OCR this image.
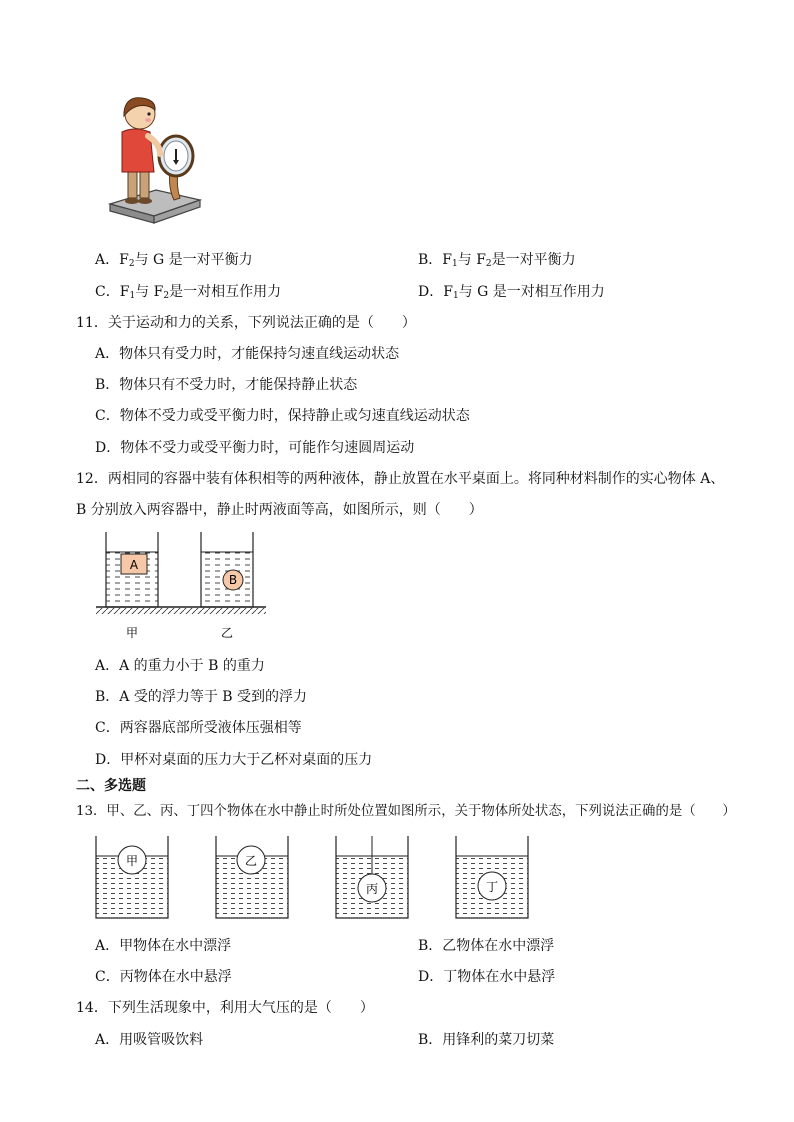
A．$F_2$与 G 是一对平衡力	B．$F_1$与 $F_2$是一对平衡力
C．$F_1$与 $F_2$是一对相互作用力	D．$F_1$与 G 是一对相互作用力
11．关于运动和力的关系，下列说法正确的是（　　）
A．物体只有受力时，才能保持匀速直线运动状态
B．物体只有不受力时，才能保持静止状态
C．物体不受力或受平衡力时，保持静止或匀速直线运动状态
D．物体不受力或受平衡力时，可能作匀速圆周运动
12．两相同的容器中装有体积相等的两种液体，静止放置在水平桌面上。将同种材料制作的实心物体 A、
B 分别放入两容器中，静止时两液面等高，如图所示，则（　　）
A
B
甲	乙
A．A 的重力小于 B 的重力
B．A 受的浮力等于 B 受到的浮力
C．两容器底部所受液体压强相等
D．甲杯对桌面的压力大于乙杯对桌面的压力
二、多选题
13．甲、乙、丙、丁四个物体在水中静止时所处位置如图所示，关于物体所处状态，下列说法正确的是（　　）
甲	乙
丙	丁
A．甲物体在水中漂浮	B．乙物体在水中漂浮
C．丙物体在水中悬浮	D．丁物体在水中悬浮
14．下列生活现象中，利用大气压的是（　　）
A．用吸管吸饮料	B．用锋利的菜刀切菜
